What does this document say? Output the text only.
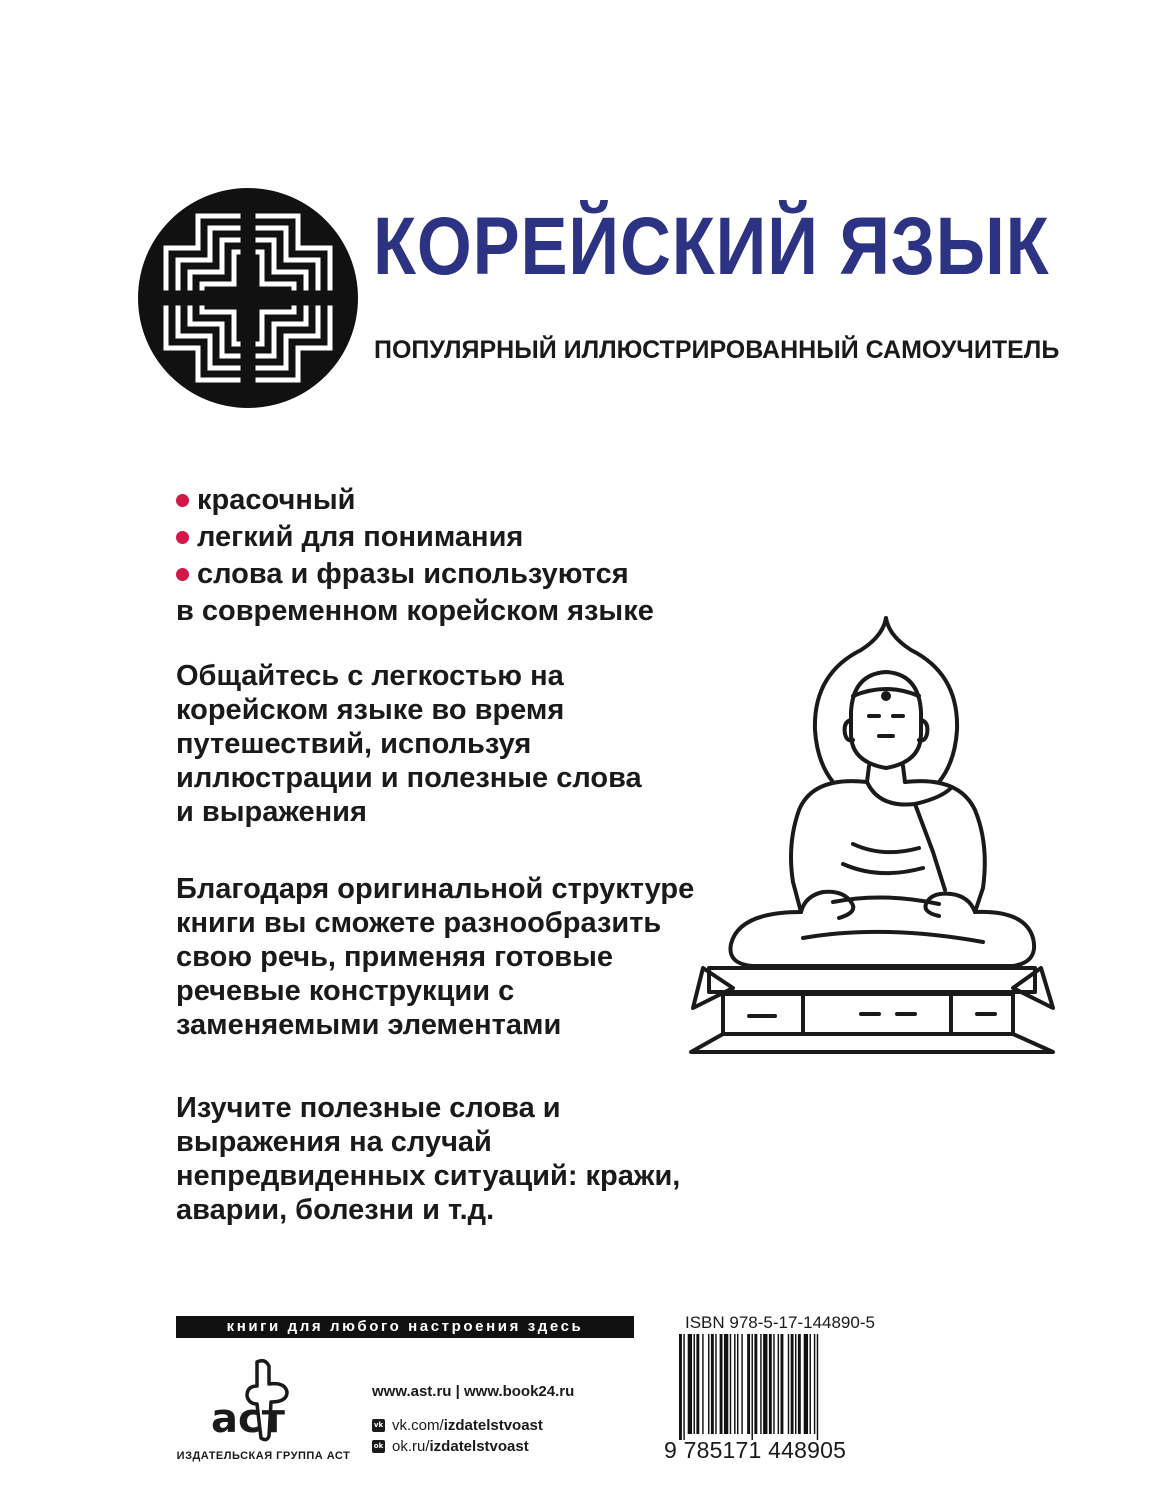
КОРЕЙСКИЙ ЯЗЫК
ПОПУЛЯРНЫЙ ИЛЛЮСТРИРОВАННЫЙ САМОУЧИТЕЛЬ
красочный
легкий для понимания
слова и фразы используются
в современном корейском языке
Общайтесь с легкостью на
корейском языке во время
путешествий, используя
иллюстрации и полезные слова
и выражения
Благодаря оригинальной структуре
книги вы сможете разнообразить
свою речь, применяя готовые
речевые конструкции с
заменяемыми элементами
Изучите полезные слова и
выражения на случай
непредвиденных ситуаций: кражи,
аварии, болезни и т.д.
книги для любого настроения здесь
аст
ИЗДАТЕЛЬСКАЯ ГРУППА АСТ
www.ast.ru | www.book24.ru
vk vk.com/ izdatelstvoast
ok ok.ru/ izdatelstvoast
ISBN 978-5-17-144890-5
9 785171 448905
